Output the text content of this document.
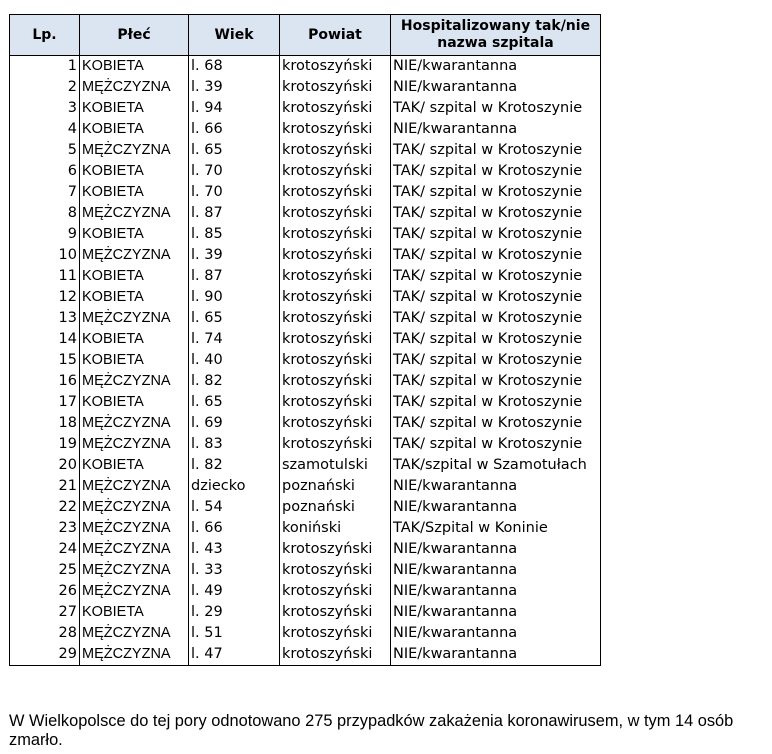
Lp.	Płeć	Wiek	Powiat	Hospitalizowany tak/nie
nazwa szpitala
1	KOBIETA	l. 68	krotoszyński	NIE/kwarantanna
2	MĘŻCZYZNA	l. 39	krotoszyński	NIE/kwarantanna
3	KOBIETA	l. 94	krotoszyński	TAK/ szpital w Krotoszynie
4	KOBIETA	l. 66	krotoszyński	NIE/kwarantanna
5	MĘŻCZYZNA	l. 65	krotoszyński	TAK/ szpital w Krotoszynie
6	KOBIETA	l. 70	krotoszyński	TAK/ szpital w Krotoszynie
7	KOBIETA	l. 70	krotoszyński	TAK/ szpital w Krotoszynie
8	MĘŻCZYZNA	l. 87	krotoszyński	TAK/ szpital w Krotoszynie
9	KOBIETA	l. 85	krotoszyński	TAK/ szpital w Krotoszynie
10	MĘŻCZYZNA	l. 39	krotoszyński	TAK/ szpital w Krotoszynie
11	KOBIETA	l. 87	krotoszyński	TAK/ szpital w Krotoszynie
12	KOBIETA	l. 90	krotoszyński	TAK/ szpital w Krotoszynie
13	MĘŻCZYZNA	l. 65	krotoszyński	TAK/ szpital w Krotoszynie
14	KOBIETA	l. 74	krotoszyński	TAK/ szpital w Krotoszynie
15	KOBIETA	l. 40	krotoszyński	TAK/ szpital w Krotoszynie
16	MĘŻCZYZNA	l. 82	krotoszyński	TAK/ szpital w Krotoszynie
17	KOBIETA	l. 65	krotoszyński	TAK/ szpital w Krotoszynie
18	MĘŻCZYZNA	l. 69	krotoszyński	TAK/ szpital w Krotoszynie
19	MĘŻCZYZNA	l. 83	krotoszyński	TAK/ szpital w Krotoszynie
20	KOBIETA	l. 82	szamotulski	TAK/szpital w Szamotułach
21	MĘŻCZYZNA	dziecko	poznański	NIE/kwarantanna
22	MĘŻCZYZNA	l. 54	poznański	NIE/kwarantanna
23	MĘŻCZYZNA	l. 66	koniński	TAK/Szpital w Koninie
24	MĘŻCZYZNA	l. 43	krotoszyński	NIE/kwarantanna
25	MĘŻCZYZNA	l. 33	krotoszyński	NIE/kwarantanna
26	MĘŻCZYZNA	l. 49	krotoszyński	NIE/kwarantanna
27	KOBIETA	l. 29	krotoszyński	NIE/kwarantanna
28	MĘŻCZYZNA	l. 51	krotoszyński	NIE/kwarantanna
29	MĘŻCZYZNA	l. 47	krotoszyński	NIE/kwarantanna
W Wielkopolsce do tej pory odnotowano 275 przypadków zakażenia koronawirusem, w tym 14 osób zmarło.
